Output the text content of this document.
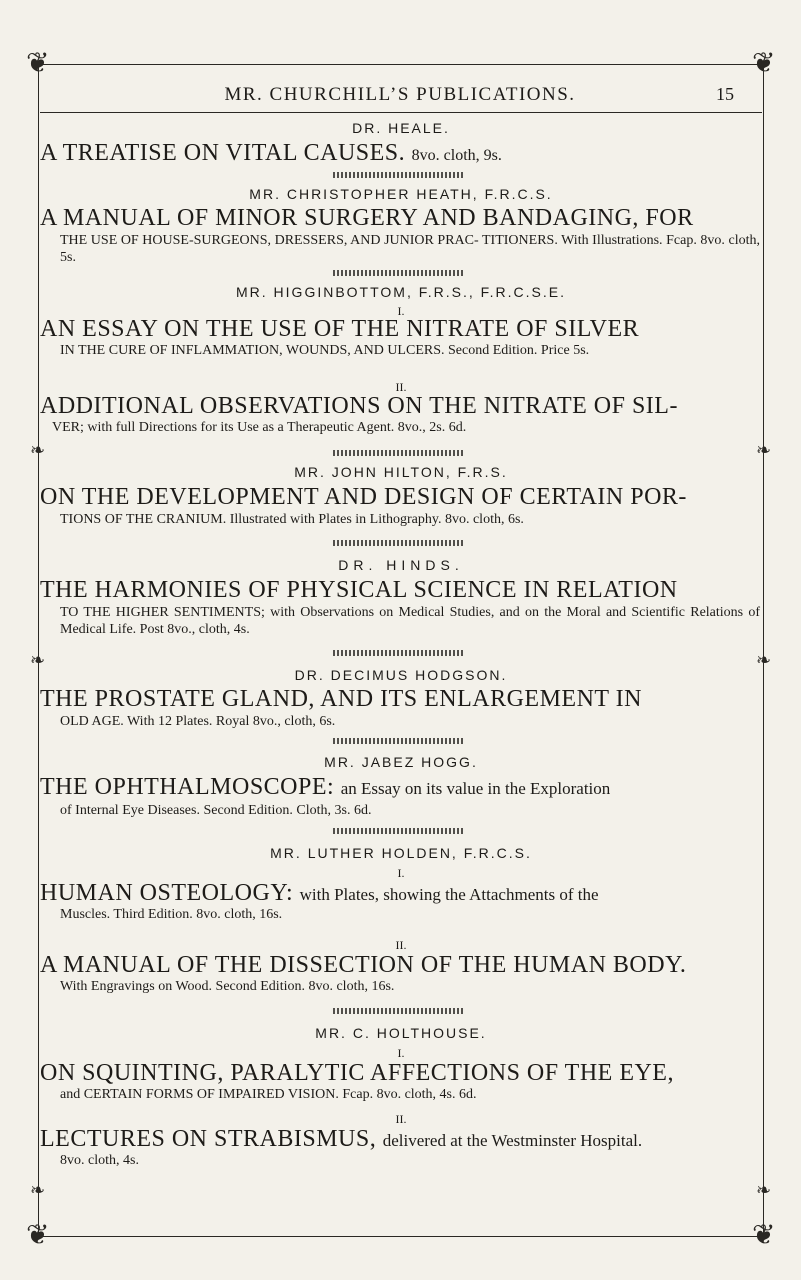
❦	❦
❦	❦
❧	❧
❧	❧
❧	❧
MR. CHURCHILL’S PUBLICATIONS.	15
DR. HEALE.
A TREATISE ON VITAL CAUSES. 8vo. cloth, 9s.
MR. CHRISTOPHER HEATH, F.R.C.S.
A MANUAL OF MINOR SURGERY AND BANDAGING, FOR
THE USE OF HOUSE-SURGEONS, DRESSERS, AND JUNIOR PRAC- TITIONERS. With Illustrations. Fcap. 8vo. cloth, 5s.
MR. HIGGINBOTTOM, F.R.S., F.R.C.S.E.
I.
AN ESSAY ON THE USE OF THE NITRATE OF SILVER
IN THE CURE OF INFLAMMATION, WOUNDS, AND ULCERS. Second Edition. Price 5s.
II.
ADDITIONAL OBSERVATIONS ON THE NITRATE OF SIL-
VER; with full Directions for its Use as a Therapeutic Agent. 8vo., 2s. 6d.
MR. JOHN HILTON, F.R.S.
ON THE DEVELOPMENT AND DESIGN OF CERTAIN POR-
TIONS OF THE CRANIUM. Illustrated with Plates in Lithography. 8vo. cloth, 6s.
DR. HINDS.
THE HARMONIES OF PHYSICAL SCIENCE IN RELATION
TO THE HIGHER SENTIMENTS; with Observations on Medical Studies, and on the Moral and Scientific Relations of Medical Life. Post 8vo., cloth, 4s.
DR. DECIMUS HODGSON.
THE PROSTATE GLAND, AND ITS ENLARGEMENT IN
OLD AGE. With 12 Plates. Royal 8vo., cloth, 6s.
MR. JABEZ HOGG.
THE OPHTHALMOSCOPE: an Essay on its value in the Exploration
of Internal Eye Diseases. Second Edition. Cloth, 3s. 6d.
MR. LUTHER HOLDEN, F.R.C.S.
I.
HUMAN OSTEOLOGY: with Plates, showing the Attachments of the
Muscles. Third Edition. 8vo. cloth, 16s.
II.
A MANUAL OF THE DISSECTION OF THE HUMAN BODY.
With Engravings on Wood. Second Edition. 8vo. cloth, 16s.
MR. C. HOLTHOUSE.
I.
ON SQUINTING, PARALYTIC AFFECTIONS OF THE EYE,
and CERTAIN FORMS OF IMPAIRED VISION. Fcap. 8vo. cloth, 4s. 6d.
II.
LECTURES ON STRABISMUS, delivered at the Westminster Hospital.
8vo. cloth, 4s.
